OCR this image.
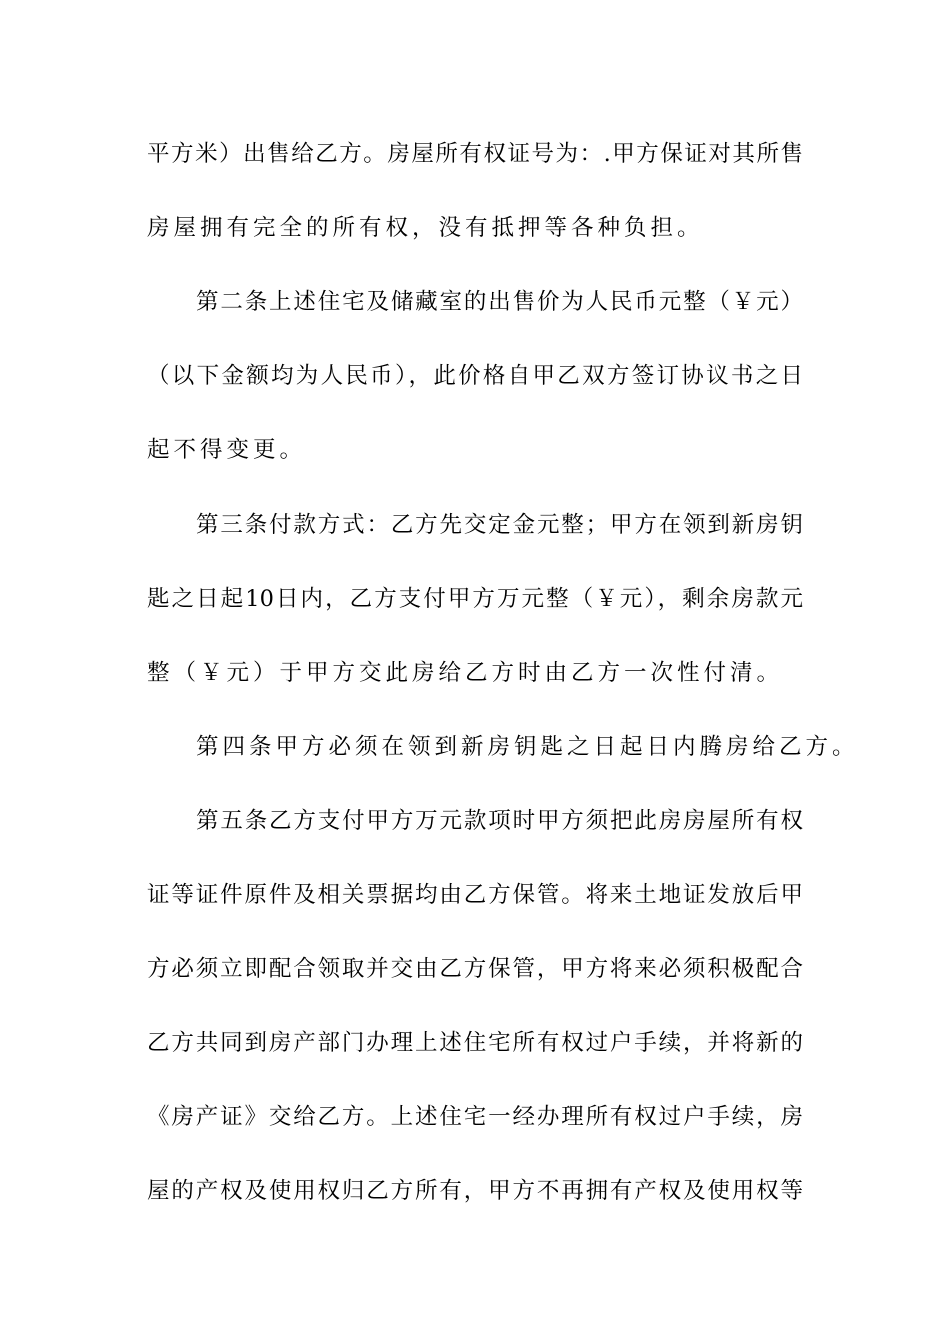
平方米）出售给乙方。房屋所有权证号为：.甲方保证对其所售
房屋拥有完全的所有权，没有抵押等各种负担。
第二条上述住宅及储藏室的出售价为人民币元整（￥元）
（以下金额均为人民币），此价格自甲乙双方签订协议书之日
起不得变更。
第三条付款方式：乙方先交定金元整；甲方在领到新房钥
匙之日起10日内，乙方支付甲方万元整（￥元），剩余房款元
整（￥元）于甲方交此房给乙方时由乙方一次性付清。
第四条甲方必须在领到新房钥匙之日起日内腾房给乙方。
第五条乙方支付甲方万元款项时甲方须把此房房屋所有权
证等证件原件及相关票据均由乙方保管。将来土地证发放后甲
方必须立即配合领取并交由乙方保管，甲方将来必须积极配合
乙方共同到房产部门办理上述住宅所有权过户手续，并将新的
《房产证》交给乙方。上述住宅一经办理所有权过户手续，房
屋的产权及使用权归乙方所有，甲方不再拥有产权及使用权等
